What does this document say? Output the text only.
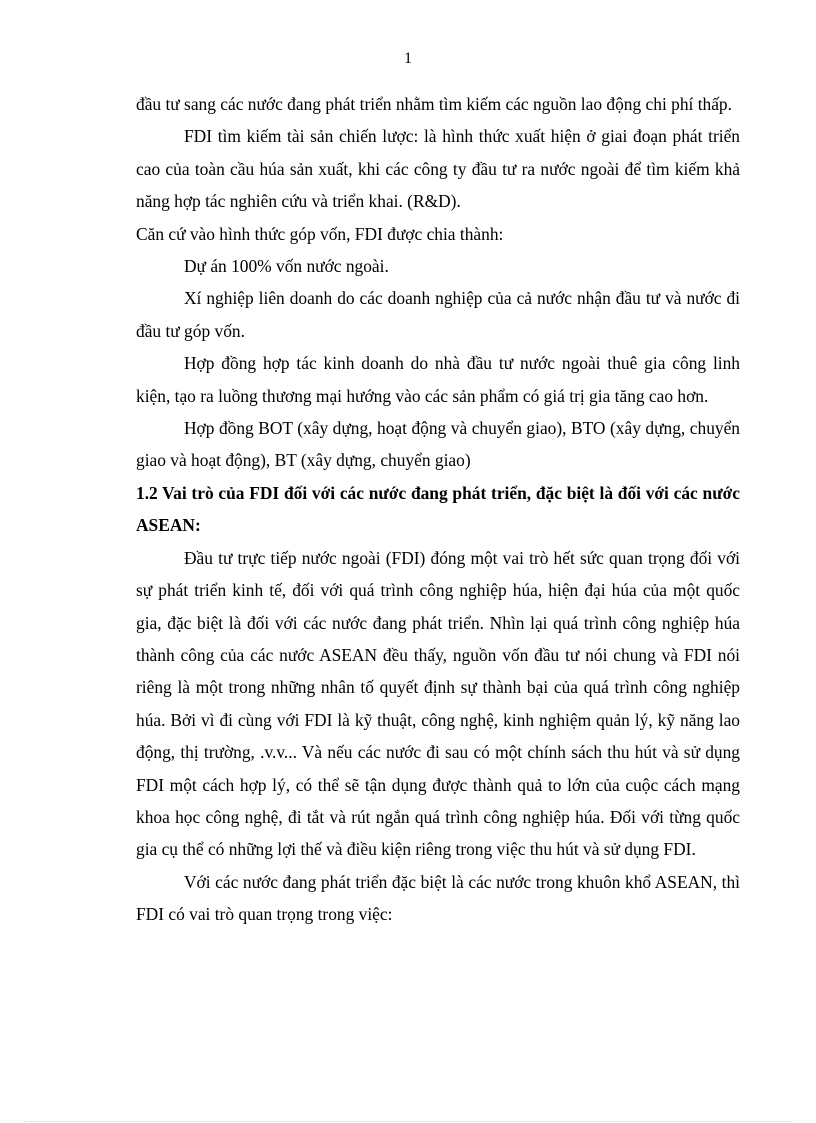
1

đầu tư sang các nước đang phát triển nhằm tìm kiếm các nguồn lao động chi phí thấp.

FDI tìm kiếm tài sản chiến lược: là hình thức xuất hiện ở giai đoạn phát triển cao của toàn cầu húa sản xuất, khi các công ty đầu tư ra nước ngoài để tìm kiếm khả năng hợp tác nghiên cứu và triển khai. (R&D).

Căn cứ vào hình thức góp vốn, FDI được chia thành:

Dự án 100% vốn nước ngoài.

Xí nghiệp liên doanh do các doanh nghiệp của cả nước nhận đầu tư và nước đi đầu tư góp vốn.

Hợp đồng hợp tác kinh doanh do nhà đầu tư nước ngoài thuê gia công linh kiện, tạo ra luồng thương mại hướng vào các sản phẩm có giá trị gia tăng cao hơn.

Hợp đồng BOT (xây dựng, hoạt động và chuyển giao), BTO (xây dựng, chuyển giao và hoạt động), BT (xây dựng, chuyển giao)

1.2 Vai trò của FDI đối với các nước đang phát triển, đặc biệt là đối với các nước ASEAN:

Đầu tư trực tiếp nước ngoài (FDI) đóng một vai trò hết sức quan trọng đối với sự phát triển kinh tế, đối với quá trình công nghiệp húa, hiện đại húa của một quốc gia, đặc biệt là đối với các nước đang phát triển. Nhìn lại quá trình công nghiệp húa thành công của các nước ASEAN đều thấy, nguồn vốn đầu tư nói chung và FDI nói riêng là một trong những nhân tố quyết định sự thành bại của quá trình công nghiệp húa. Bởi vì đi cùng với FDI là kỹ thuật, công nghệ, kinh nghiệm quản lý, kỹ năng lao động, thị trường, .v.v... Và nếu các nước đi sau có một chính sách thu hút và sử dụng FDI một cách hợp lý, có thể sẽ tận dụng được thành quả to lớn của cuộc cách mạng khoa học công nghệ, đi tắt và rút ngắn quá trình công nghiệp húa. Đối với từng quốc gia cụ thể có những lợi thế và điều kiện riêng trong việc thu hút và sử dụng FDI.

Với các nước đang phát triển đặc biệt là các nước trong khuôn khổ ASEAN, thì FDI có vai trò quan trọng trong việc:
